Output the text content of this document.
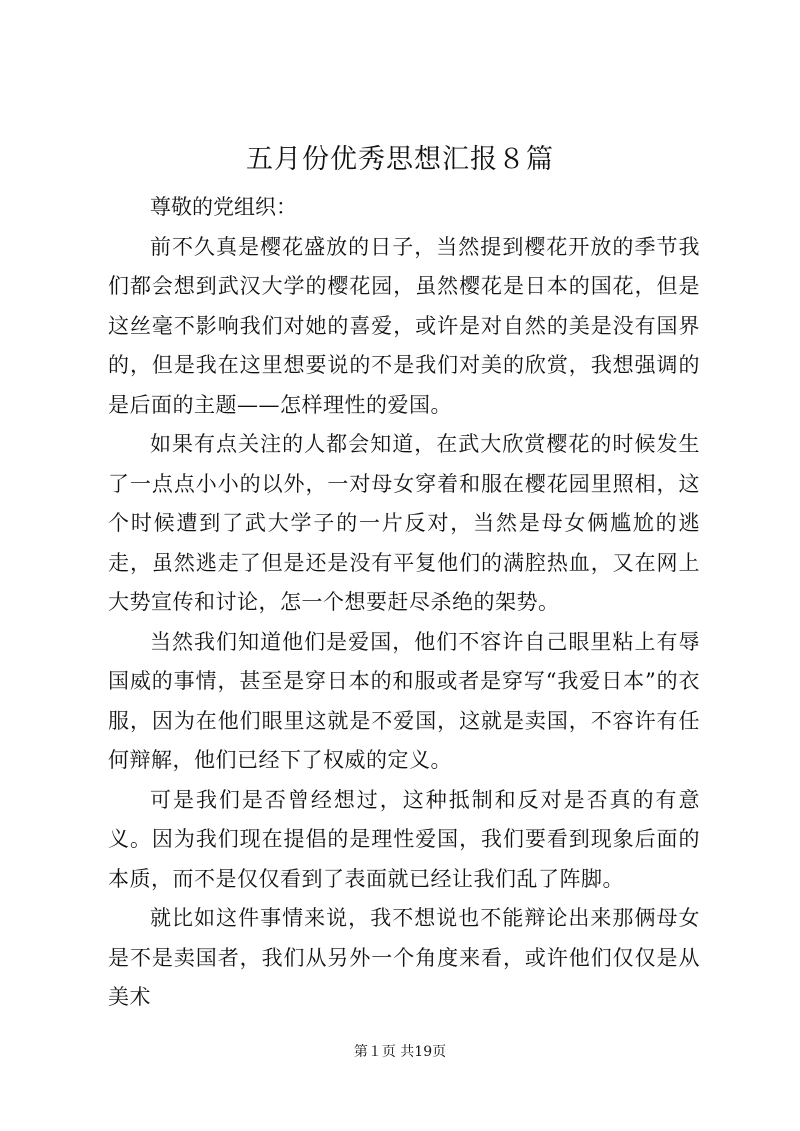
五月份优秀思想汇报８篇

尊敬的党组织：

前不久真是樱花盛放的日子，当然提到樱花开放的季节我们都会想到武汉大学的樱花园，虽然樱花是日本的国花，但是这丝毫不影响我们对她的喜爱，或许是对自然的美是没有国界的，但是我在这里想要说的不是我们对美的欣赏，我想强调的是后面的主题——怎样理性的爱国。

如果有点关注的人都会知道，在武大欣赏樱花的时候发生了一点点小小的以外，一对母女穿着和服在樱花园里照相，这个时候遭到了武大学子的一片反对，当然是母女俩尴尬的逃走，虽然逃走了但是还是没有平复他们的满腔热血，又在网上大势宣传和讨论，怎一个想要赶尽杀绝的架势。

当然我们知道他们是爱国，他们不容许自己眼里粘上有辱国威的事情，甚至是穿日本的和服或者是穿写“我爱日本”的衣服，因为在他们眼里这就是不爱国，这就是卖国，不容许有任何辩解，他们已经下了权威的定义。

可是我们是否曾经想过，这种抵制和反对是否真的有意义。因为我们现在提倡的是理性爱国，我们要看到现象后面的本质，而不是仅仅看到了表面就已经让我们乱了阵脚。

就比如这件事情来说，我不想说也不能辩论出来那俩母女是不是卖国者，我们从另外一个角度来看，或许他们仅仅是从美术

第１页 共19页
